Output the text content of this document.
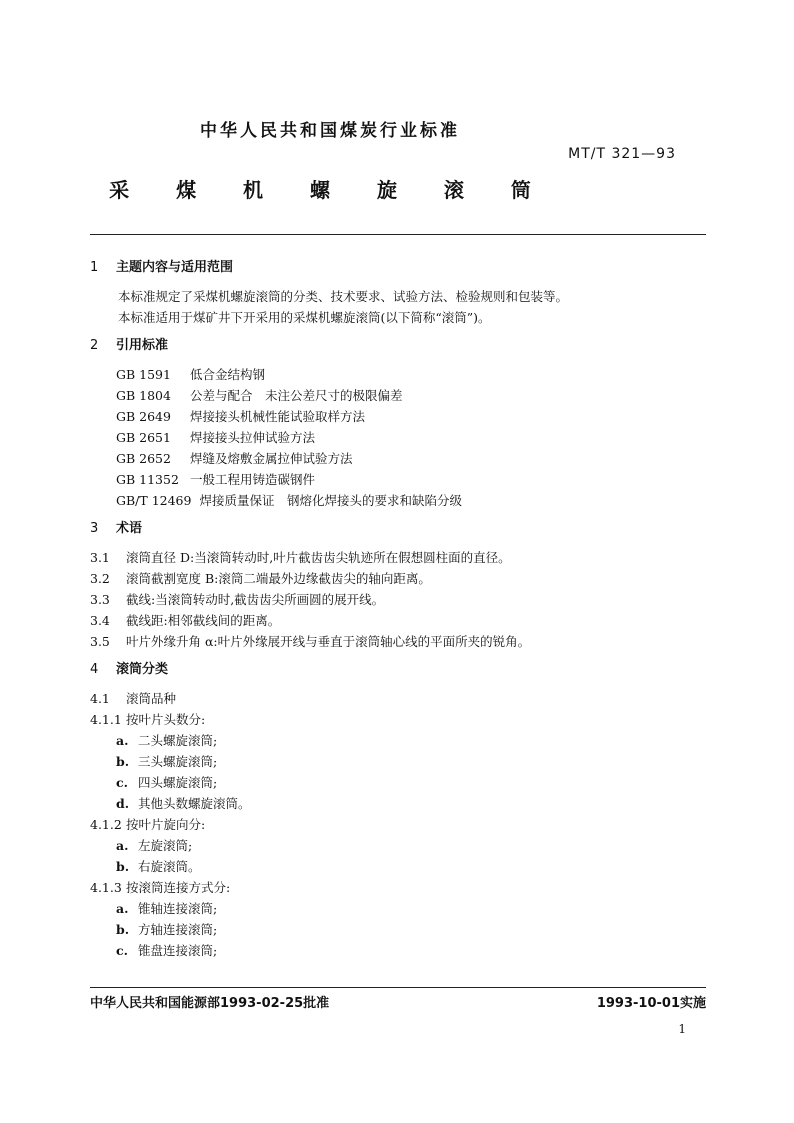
中华人民共和国煤炭行业标准
MT/T 321—93
采 煤 机 螺 旋 滚 筒
1 主题内容与适用范围
本标准规定了采煤机螺旋滚筒的分类、技术要求、试验方法、检验规则和包装等。
本标准适用于煤矿井下开采用的采煤机螺旋滚筒(以下简称“滚筒”)。
2 引用标准
GB 1591 低合金结构钢
GB 1804 公差与配合　未注公差尺寸的极限偏差
GB 2649 焊接接头机械性能试验取样方法
GB 2651 焊接接头拉伸试验方法
GB 2652 焊缝及熔敷金属拉伸试验方法
GB 11352 一般工程用铸造碳钢件
GB/T 12469 焊接质量保证　钢熔化焊接头的要求和缺陷分级
3 术语
3.1 滚筒直径 D:当滚筒转动时,叶片截齿齿尖轨迹所在假想圆柱面的直径。
3.2 滚筒截割宽度 B:滚筒二端最外边缘截齿尖的轴向距离。
3.3 截线:当滚筒转动时,截齿齿尖所画圆的展开线。
3.4 截线距:相邻截线间的距离。
3.5 叶片外缘升角 α:叶片外缘展开线与垂直于滚筒轴心线的平面所夹的锐角。
4 滚筒分类
4.1 滚筒品种
4.1.1 按叶片头数分:
a. 二头螺旋滚筒;
b. 三头螺旋滚筒;
c. 四头螺旋滚筒;
d. 其他头数螺旋滚筒。
4.1.2 按叶片旋向分:
a. 左旋滚筒;
b. 右旋滚筒。
4.1.3 按滚筒连接方式分:
a. 锥轴连接滚筒;
b. 方轴连接滚筒;
c. 锥盘连接滚筒;
中华人民共和国能源部1993-02-25批准	1993-10-01实施
1
